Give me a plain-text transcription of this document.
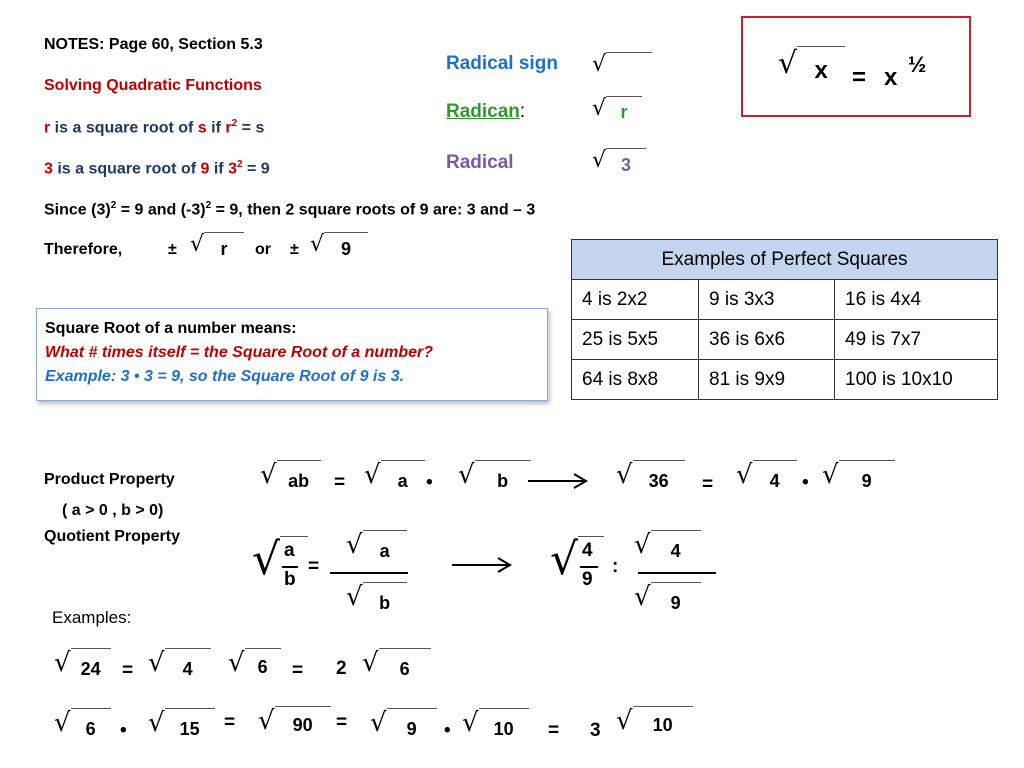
NOTES: Page 60, Section 5.3
Solving Quadratic Functions
r is a square root of s if $r^2 = s$
3 is a square root of 9 if $3^2 = 9$
Since $(3)^2 = 9$ and $(-3)^2 = 9$, then 2 square roots of 9 are: 3 and – 3
Therefore,	± √ r	or ± √ 9
Radical sign √
Radican:	√ r
Radical	√ 3
√ x	= x ½
Square Root of a number means:
What # times itself = the Square Root of a number?
Example: 3 • 3 = 9, so the Square Root of 9 is 3.
Examples of Perfect Squares		
4 is 2x2	9 is 3x3	16 is 4x4
25 is 5x5	36 is 6x6	49 is 7x7
64 is 8x8	81 is 9x9	100 is 10x10
Product Property
( a > 0 , b > 0)
√ ab	= √ a • √ b	√ 36	= √ 4	• √ 9
Quotient Property √ a
b
=
√ a
√ b
√ 4
9
:
√ 4
√ 9
Examples:
√ 24	= √ 4	√ 6	= 2 √ 6
√ 6	• √ 15	= √ 90	= √ 9	• √ 10	= 3 √ 10
